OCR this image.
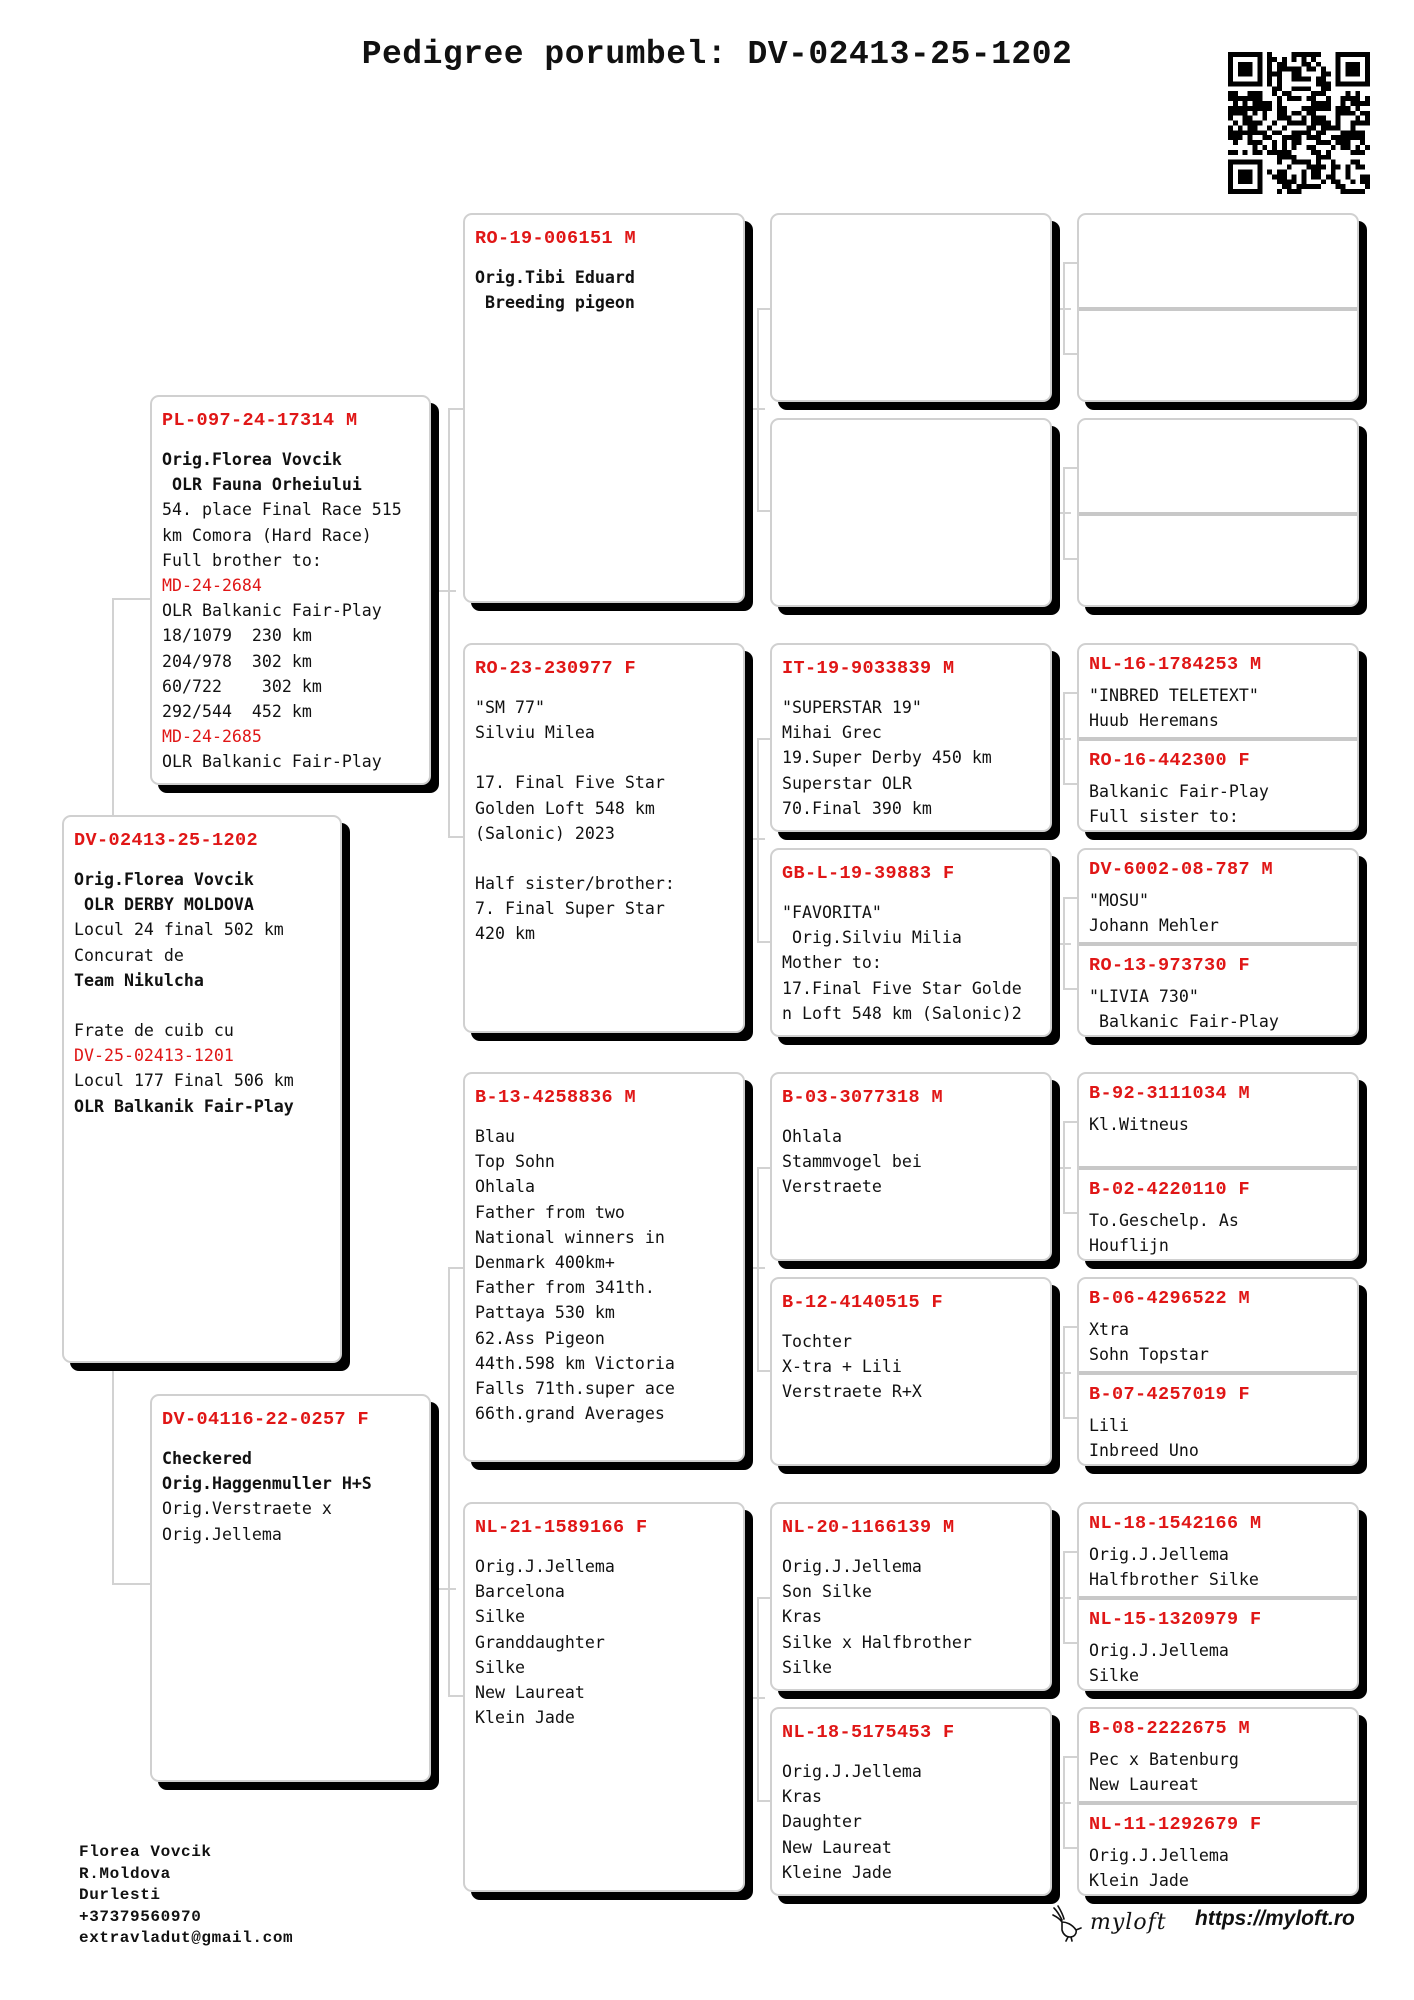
Pedigree porumbel: DV-02413-25-1202
DV-02413-25-1202
Orig.Florea Vovcik
OLR DERBY MOLDOVA
Locul 24 final 502 km
Concurat de
Team Nikulcha
Frate de cuib cu
DV-25-02413-1201
Locul 177 Final 506 km
OLR Balkanik Fair-Play
PL-097-24-17314 M
Orig.Florea Vovcik
OLR Fauna Orheiului
54. place Final Race 515
km Comora (Hard Race)
Full brother to:
MD-24-2684
OLR Balkanic Fair-Play
18/1079  230 km
204/978  302 km
60/722    302 km
292/544  452 km
MD-24-2685
OLR Balkanic Fair-Play
DV-04116-22-0257 F
Checkered
Orig.Haggenmuller H+S
Orig.Verstraete x
Orig.Jellema
RO-19-006151 M
Orig.Tibi Eduard
Breeding pigeon
RO-23-230977 F
"SM 77"
Silviu Milea
17. Final Five Star
Golden Loft 548 km
(Salonic) 2023
Half sister/brother:
7. Final Super Star
420 km
B-13-4258836 M
Blau
Top Sohn
Ohlala
Father from two
National winners in
Denmark 400km+
Father from 341th.
Pattaya 530 km
62.Ass Pigeon
44th.598 km Victoria
Falls 71th.super ace
66th.grand Averages
NL-21-1589166 F
Orig.J.Jellema
Barcelona
Silke
Granddaughter
Silke
New Laureat
Klein Jade
IT-19-9033839 M
"SUPERSTAR 19"
Mihai Grec
19.Super Derby 450 km
Superstar OLR
70.Final 390 km
GB-L-19-39883 F
"FAVORITA"
Orig.Silviu Milia
Mother to:
17.Final Five Star Golde
n Loft 548 km (Salonic)2
B-03-3077318 M
Ohlala
Stammvogel bei
Verstraete
B-12-4140515 F
Tochter
X-tra + Lili
Verstraete R+X
NL-20-1166139 M
Orig.J.Jellema
Son Silke
Kras
Silke x Halfbrother
Silke
NL-18-5175453 F
Orig.J.Jellema
Kras
Daughter
New Laureat
Kleine Jade
NL-16-1784253 M
"INBRED TELETEXT"
Huub Heremans
RO-16-442300 F
Balkanic Fair-Play
Full sister to:
DV-6002-08-787 M
"MOSU"
Johann Mehler
RO-13-973730 F
"LIVIA 730"
Balkanic Fair-Play
B-92-3111034 M
Kl.Witneus
B-02-4220110 F
To.Geschelp. As
Houflijn
B-06-4296522 M
Xtra
Sohn Topstar
B-07-4257019 F
Lili
Inbreed Uno
NL-18-1542166 M
Orig.J.Jellema
Halfbrother Silke
NL-15-1320979 F
Orig.J.Jellema
Silke
B-08-2222675 M
Pec x Batenburg
New Laureat
NL-11-1292679 F
Orig.J.Jellema
Klein Jade
Florea Vovcik
R.Moldova
Durlesti
+37379560970
extravladut@gmail.com
myloft https://myloft.ro
